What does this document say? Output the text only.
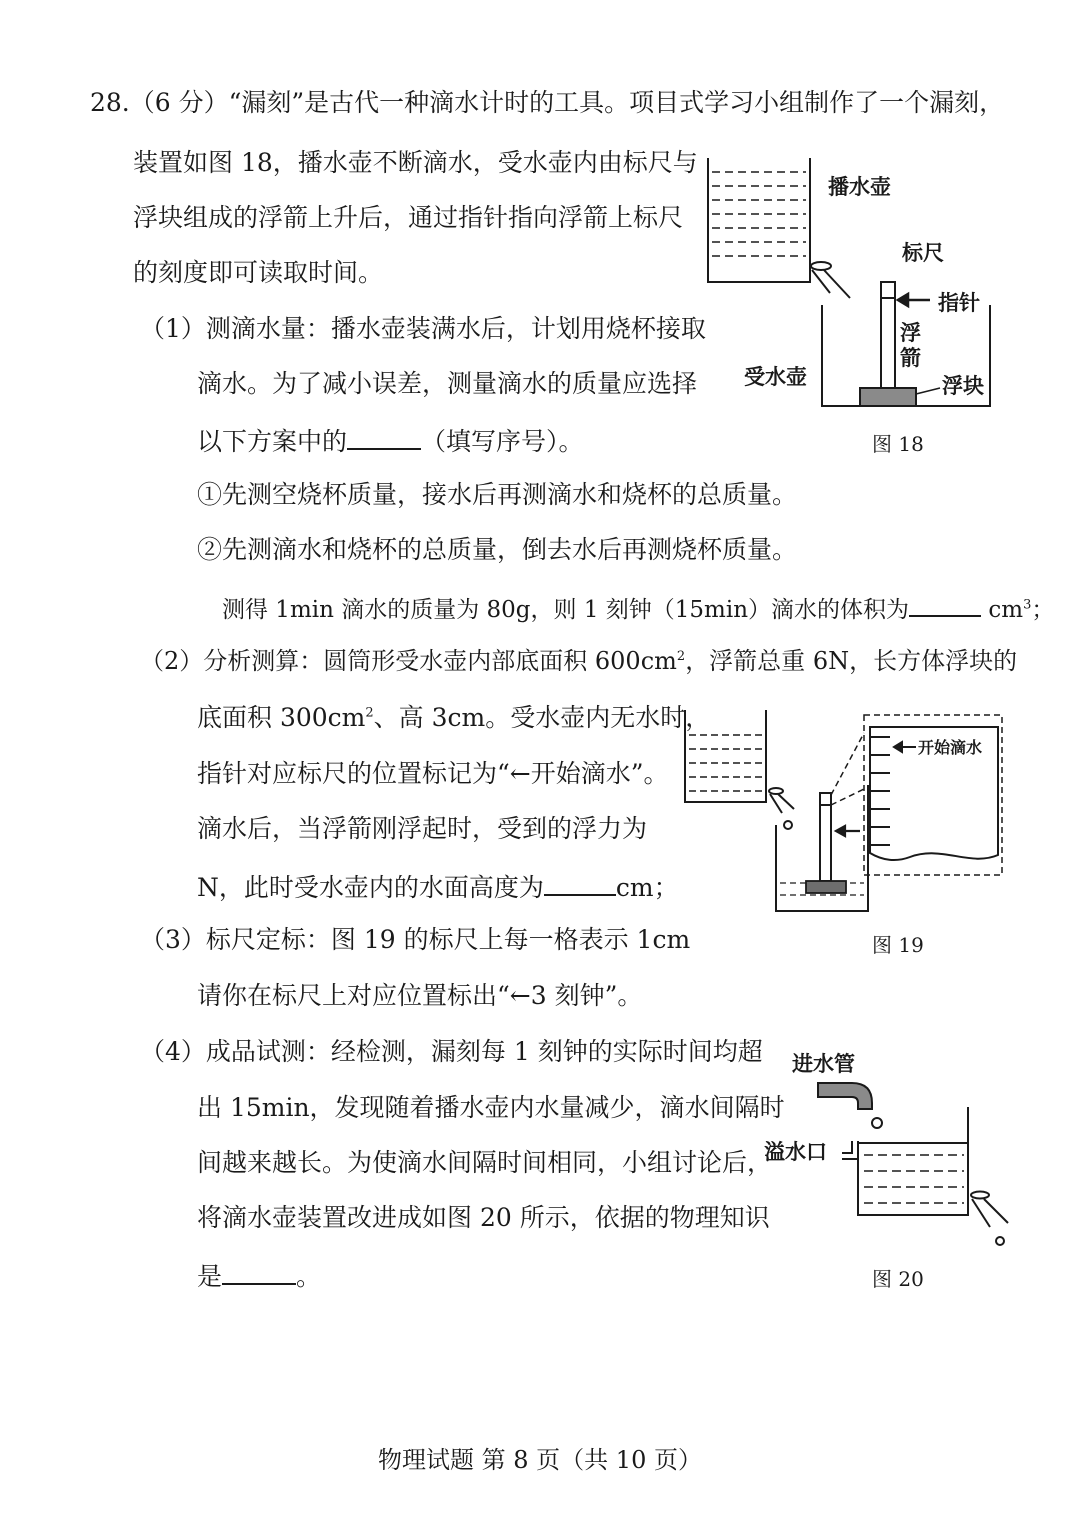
28.（6 分）“漏刻”是古代一种滴水计时的工具。项目式学习小组制作了一个漏刻，
装置如图 18，播水壶不断滴水，受水壶内由标尺与
浮块组成的浮箭上升后，通过指针指向浮箭上标尺
的刻度即可读取时间。
（1）测滴水量：播水壶装满水后，计划用烧杯接取
滴水。为了减小误差，测量滴水的质量应选择
以下方案中的	（填写序号）。
①先测空烧杯质量，接水后再测滴水和烧杯的总质量。
②先测滴水和烧杯的总质量，倒去水后再测烧杯质量。
测得 1min 滴水的质量为 80g，则 1 刻钟（15min）滴水的体积为	$cm^3$；
（2）分析测算：圆筒形受水壶内部底面积 $600cm^2$，浮箭总重 6N，长方体浮块的
底面积 $300cm^2$、高 3cm。受水壶内无水时，
指针对应标尺的位置标记为“←开始滴水”。
滴水后，当浮箭刚浮起时，受到的浮力为
N，此时受水壶内的水面高度为	cm；
（3）标尺定标：图 19 的标尺上每一格表示 1cm
请你在标尺上对应位置标出“←3 刻钟”。
（4）成品试测：经检测，漏刻每 1 刻钟的实际时间均超
出 15min，发现随着播水壶内水量减少，滴水间隔时
间越来越长。为使滴水间隔时间相同，小组讨论后，
将滴水壶装置改进成如图 20 所示，依据的物理知识
是	。
播水壶
标尺
指针
浮
箭
受水壶	浮块
图 18
开始滴水
图 19
进水管
溢水口
图 20
物理试题 第 8 页（共 10 页）
